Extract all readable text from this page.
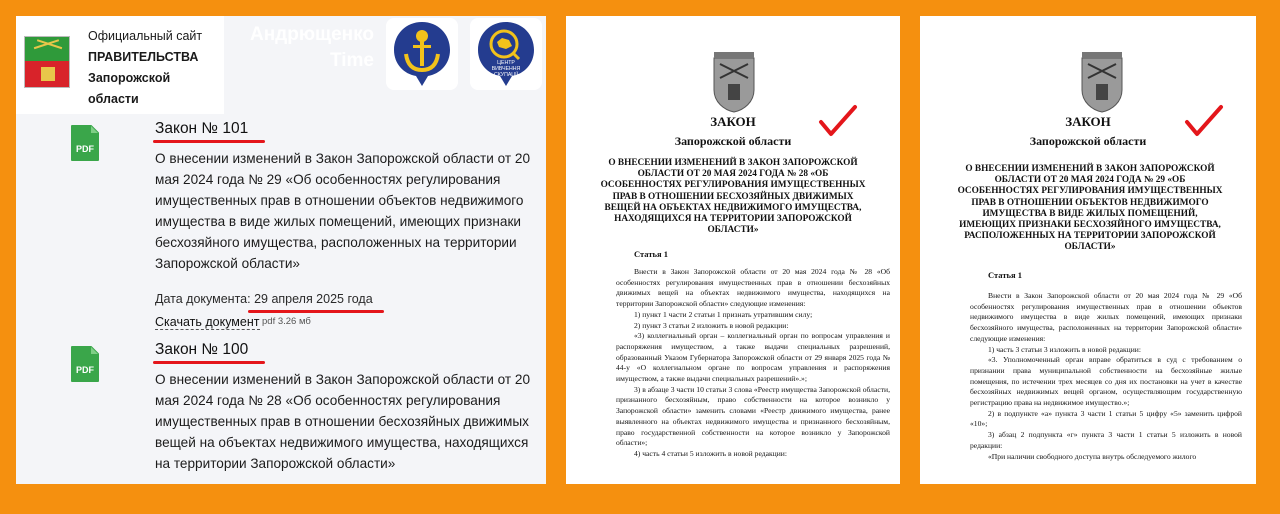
Официальный сайт
ПРАВИТЕЛЬСТВА
Запорожской
области
PDF
Закон № 101
О внесении изменений в Закон Запорожской области от 20 мая 2024 года № 29 «Об особенностях регулирования имущественных прав в отношении объектов недвижимого имущества в виде жилых помещений, имеющих признаки бесхозяйного имущества, расположенных на территории Запорожской области»
Дата документа: 29 апреля 2025 года
Скачать документ pdf 3.26 мб
PDF
Закон № 100
О внесении изменений в Закон Запорожской области от 20 мая 2024 года № 28 «Об особенностях регулирования имущественных прав в отношении бесхозяйных движимых вещей на объектах недвижимого имущества, находящихся на территории Запорожской области»
Андрющенко
Time	ЦЕНТР
ВИВЧЕННЯ
СКУПАЦІЇ
ЗАКОН
Запорожской области
О ВНЕСЕНИИ ИЗМЕНЕНИЙ В ЗАКОН ЗАПОРОЖСКОЙ ОБЛАСТИ ОТ 20 МАЯ 2024 ГОДА № 28 «ОБ ОСОБЕННОСТЯХ РЕГУЛИРОВАНИЯ ИМУЩЕСТВЕННЫХ ПРАВ В ОТНОШЕНИИ БЕСХОЗЯЙНЫХ ДВИЖИМЫХ ВЕЩЕЙ НА ОБЪЕКТАХ НЕДВИЖИМОГО ИМУЩЕСТВА, НАХОДЯЩИХСЯ НА ТЕРРИТОРИИ ЗАПОРОЖСКОЙ ОБЛАСТИ»
Статья 1

Внести в Закон Запорожской области от 20 мая 2024 года № 28 «Об особенностях регулирования имущественных прав в отношении бесхозяйных движимых вещей на объектах недвижимого имущества, находящихся на территории Запорожской области» следующие изменения:

1) пункт 1 части 2 статьи 1 признать утратившим силу;

2) пункт 3 статьи 2 изложить в новой редакции:

«3) коллегиальный орган – коллегиальный орган по вопросам управления и распоряжения имуществом, а также выдачи специальных разрешений, образованный Указом Губернатора Запорожской области от 29 января 2025 года № 44-у «О коллегиальном органе по вопросам управления и распоряжения имуществом, а также выдачи специальных разрешений».»;

3) в абзаце 3 части 10 статьи 3 слова «Реестр имущества Запорожской области, признанного бесхозяйным, право собственности на которое возникло у Запорожской области» заменить словами «Реестр движимого имущества, ранее выявленного на объектах недвижимого имущества и признанного бесхозяйным, право государственной собственности на которое возникло у Запорожской области»;

4) часть 4 статьи 5 изложить в новой редакции:

ЗАКОН
Запорожской области
О ВНЕСЕНИИ ИЗМЕНЕНИЙ В ЗАКОН ЗАПОРОЖСКОЙ ОБЛАСТИ ОТ 20 МАЯ 2024 ГОДА № 29 «ОБ ОСОБЕННОСТЯХ РЕГУЛИРОВАНИЯ ИМУЩЕСТВЕННЫХ ПРАВ В ОТНОШЕНИИ ОБЪЕКТОВ НЕДВИЖИМОГО ИМУЩЕСТВА В ВИДЕ ЖИЛЫХ ПОМЕЩЕНИЙ, ИМЕЮЩИХ ПРИЗНАКИ БЕСХОЗЯЙНОГО ИМУЩЕСТВА, РАСПОЛОЖЕННЫХ НА ТЕРРИТОРИИ ЗАПОРОЖСКОЙ ОБЛАСТИ»
Статья 1

Внести в Закон Запорожской области от 20 мая 2024 года № 29 «Об особенностях регулирования имущественных прав в отношении объектов недвижимого имущества в виде жилых помещений, имеющих признаки бесхозяйного имущества, расположенных на территории Запорожской области» следующие изменения:

1) часть 3 статьи 3 изложить в новой редакции:

«3. Уполномоченный орган вправе обратиться в суд с требованием о признании права муниципальной собственности на бесхозяйные жилые помещения, по истечении трех месяцев со дня их постановки на учет в качестве бесхозяйных недвижимых вещей органом, осуществляющим государственную регистрацию права на недвижимое имущество.»;

2) в подпункте «а» пункта 3 части 1 статьи 5 цифру «5» заменить цифрой «10»;

3) абзац 2 подпункта «г» пункта 3 части 1 статьи 5 изложить в новой редакции:

«При наличии свободного доступа внутрь обследуемого жилого
